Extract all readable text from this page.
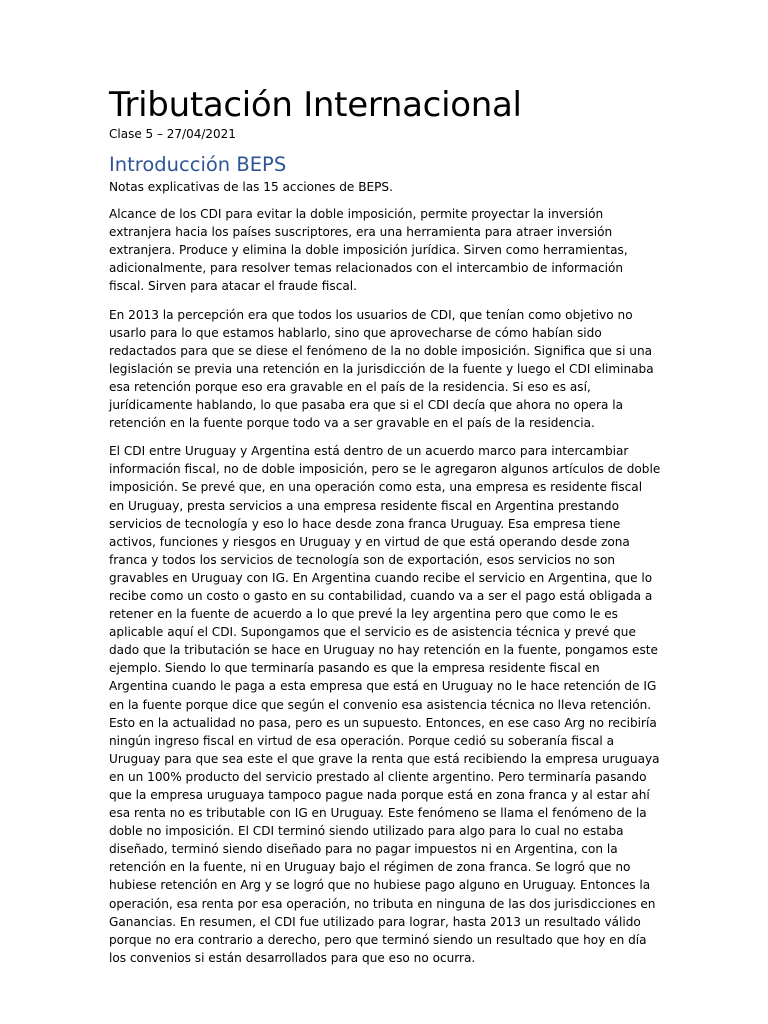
Tributación Internacional

Clase 5 – 27/04/2021

Introducción BEPS

Notas explicativas de las 15 acciones de BEPS.

Alcance de los CDI para evitar la doble imposición, permite proyectar la inversión extranjera hacia los países suscriptores, era una herramienta para atraer inversión extranjera. Produce y elimina la doble imposición jurídica. Sirven como herramientas, adicionalmente, para resolver temas relacionados con el intercambio de información fiscal. Sirven para atacar el fraude fiscal.

En 2013 la percepción era que todos los usuarios de CDI, que tenían como objetivo no usarlo para lo que estamos hablarlo, sino que aprovecharse de cómo habían sido redactados para que se diese el fenómeno de la no doble imposición. Significa que si una legislación se previa una retención en la jurisdicción de la fuente y luego el CDI eliminaba esa retención porque eso era gravable en el país de la residencia. Si eso es así, jurídicamente hablando, lo que pasaba era que si el CDI decía que ahora no opera la retención en la fuente porque todo va a ser gravable en el país de la residencia.

El CDI entre Uruguay y Argentina está dentro de un acuerdo marco para intercambiar información fiscal, no de doble imposición, pero se le agregaron algunos artículos de doble imposición. Se prevé que, en una operación como esta, una empresa es residente fiscal en Uruguay, presta servicios a una empresa residente fiscal en Argentina prestando servicios de tecnología y eso lo hace desde zona franca Uruguay. Esa empresa tiene activos, funciones y riesgos en Uruguay y en virtud de que está operando desde zona franca y todos los servicios de tecnología son de exportación, esos servicios no son gravables en Uruguay con IG. En Argentina cuando recibe el servicio en Argentina, que lo recibe como un costo o gasto en su contabilidad, cuando va a ser el pago está obligada a retener en la fuente de acuerdo a lo que prevé la ley argentina pero que como le es aplicable aquí el CDI. Supongamos que el servicio es de asistencia técnica y prevé que dado que la tributación se hace en Uruguay no hay retención en la fuente, pongamos este ejemplo. Siendo lo que terminaría pasando es que la empresa residente fiscal en Argentina cuando le paga a esta empresa que está en Uruguay no le hace retención de IG en la fuente porque dice que según el convenio esa asistencia técnica no lleva retención. Esto en la actualidad no pasa, pero es un supuesto. Entonces, en ese caso Arg no recibiría ningún ingreso fiscal en virtud de esa operación. Porque cedió su soberanía fiscal a Uruguay para que sea este el que grave la renta que está recibiendo la empresa uruguaya en un 100% producto del servicio prestado al cliente argentino. Pero terminaría pasando que la empresa uruguaya tampoco pague nada porque está en zona franca y al estar ahí esa renta no es tributable con IG en Uruguay. Este fenómeno se llama el fenómeno de la doble no imposición. El CDI terminó siendo utilizado para algo para lo cual no estaba diseñado, terminó siendo diseñado para no pagar impuestos ni en Argentina, con la retención en la fuente, ni en Uruguay bajo el régimen de zona franca. Se logró que no hubiese retención en Arg y se logró que no hubiese pago alguno en Uruguay. Entonces la operación, esa renta por esa operación, no tributa en ninguna de las dos jurisdicciones en Ganancias. En resumen, el CDI fue utilizado para lograr, hasta 2013 un resultado válido porque no era contrario a derecho, pero que terminó siendo un resultado que hoy en día los convenios si están desarrollados para que eso no ocurra.
